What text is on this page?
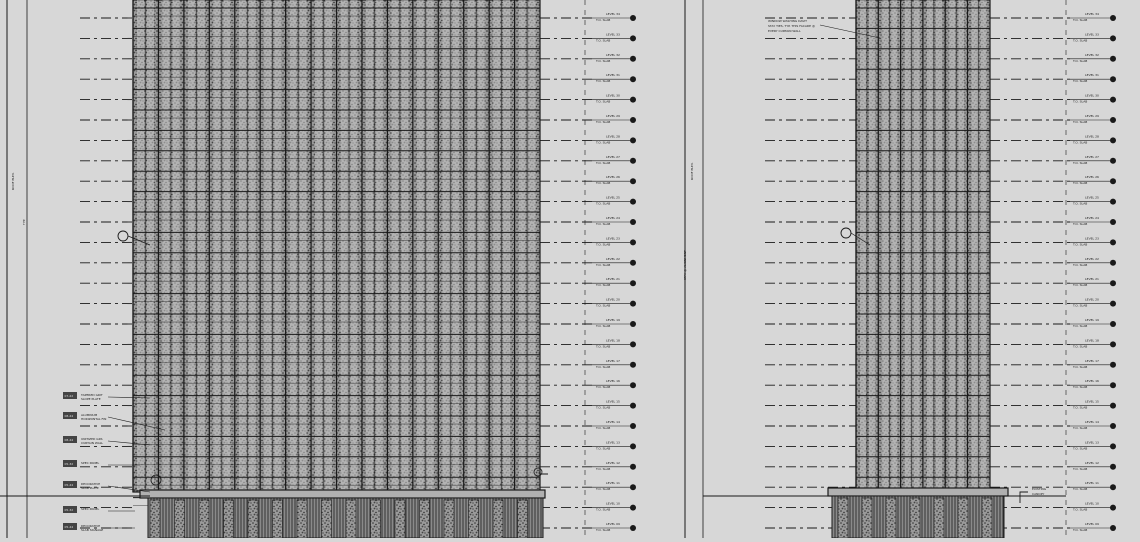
ROOF ELEV.
TYP.
LEVEL 34
T.O. SLAB
LEVEL 33
T.O. SLAB
LEVEL 32
T.O. SLAB
LEVEL 31
T.O. SLAB
LEVEL 30
T.O. SLAB
LEVEL 29
T.O. SLAB
LEVEL 28
T.O. SLAB
LEVEL 27
T.O. SLAB
LEVEL 26
T.O. SLAB
LEVEL 25
T.O. SLAB
LEVEL 24
T.O. SLAB
LEVEL 23
T.O. SLAB
LEVEL 22
T.O. SLAB
LEVEL 21
T.O. SLAB
LEVEL 20
T.O. SLAB
LEVEL 19
T.O. SLAB
LEVEL 18
T.O. SLAB
LEVEL 17
T.O. SLAB
LEVEL 16
T.O. SLAB
LEVEL 15
T.O. SLAB
LEVEL 14
T.O. SLAB
LEVEL 13
T.O. SLAB
LEVEL 12
T.O. SLAB
LEVEL 11
T.O. SLAB
LEVEL 10
T.O. SLAB
LEVEL 09
T.O. SLAB
07-22	TAPERED GRIT
SLOPE PLATE
08-44	ALUMINUM
HORIZONTAL FIN
08-44	UNITIZED GRS
CURTAIN WALL
05-32	SPEC PANEL
05-44	DECORATIVE
SLAB PLATE
05-32	SPEC PANEL
05-44	DECORATIVE
SLAB SIGNAGE
ROOF ELEV.
STAY @ ALIGNMENT
LEVEL 34
T.O. SLAB
LEVEL 33
T.O. SLAB
LEVEL 32
T.O. SLAB
LEVEL 31
T.O. SLAB
LEVEL 30
T.O. SLAB
LEVEL 29
T.O. SLAB
LEVEL 28
T.O. SLAB
LEVEL 27
T.O. SLAB
LEVEL 26
T.O. SLAB
LEVEL 25
T.O. SLAB
LEVEL 24
T.O. SLAB
LEVEL 23
T.O. SLAB
LEVEL 22
T.O. SLAB
LEVEL 21
T.O. SLAB
LEVEL 20
T.O. SLAB
LEVEL 19
T.O. SLAB
LEVEL 18
T.O. SLAB
LEVEL 17
T.O. SLAB
LEVEL 16
T.O. SLAB
LEVEL 15
T.O. SLAB
LEVEL 14
T.O. SLAB
LEVEL 13
T.O. SLAB
LEVEL 12
T.O. SLAB
LEVEL 11
T.O. SLAB
LEVEL 10
T.O. SLAB
LEVEL 09
T.O. SLAB
WINDOW WASHING DAVIT
STAY TIES, TYP. THIS FACADE @
EVERY CURTAIN WALL
EXISTING
CANOPY
